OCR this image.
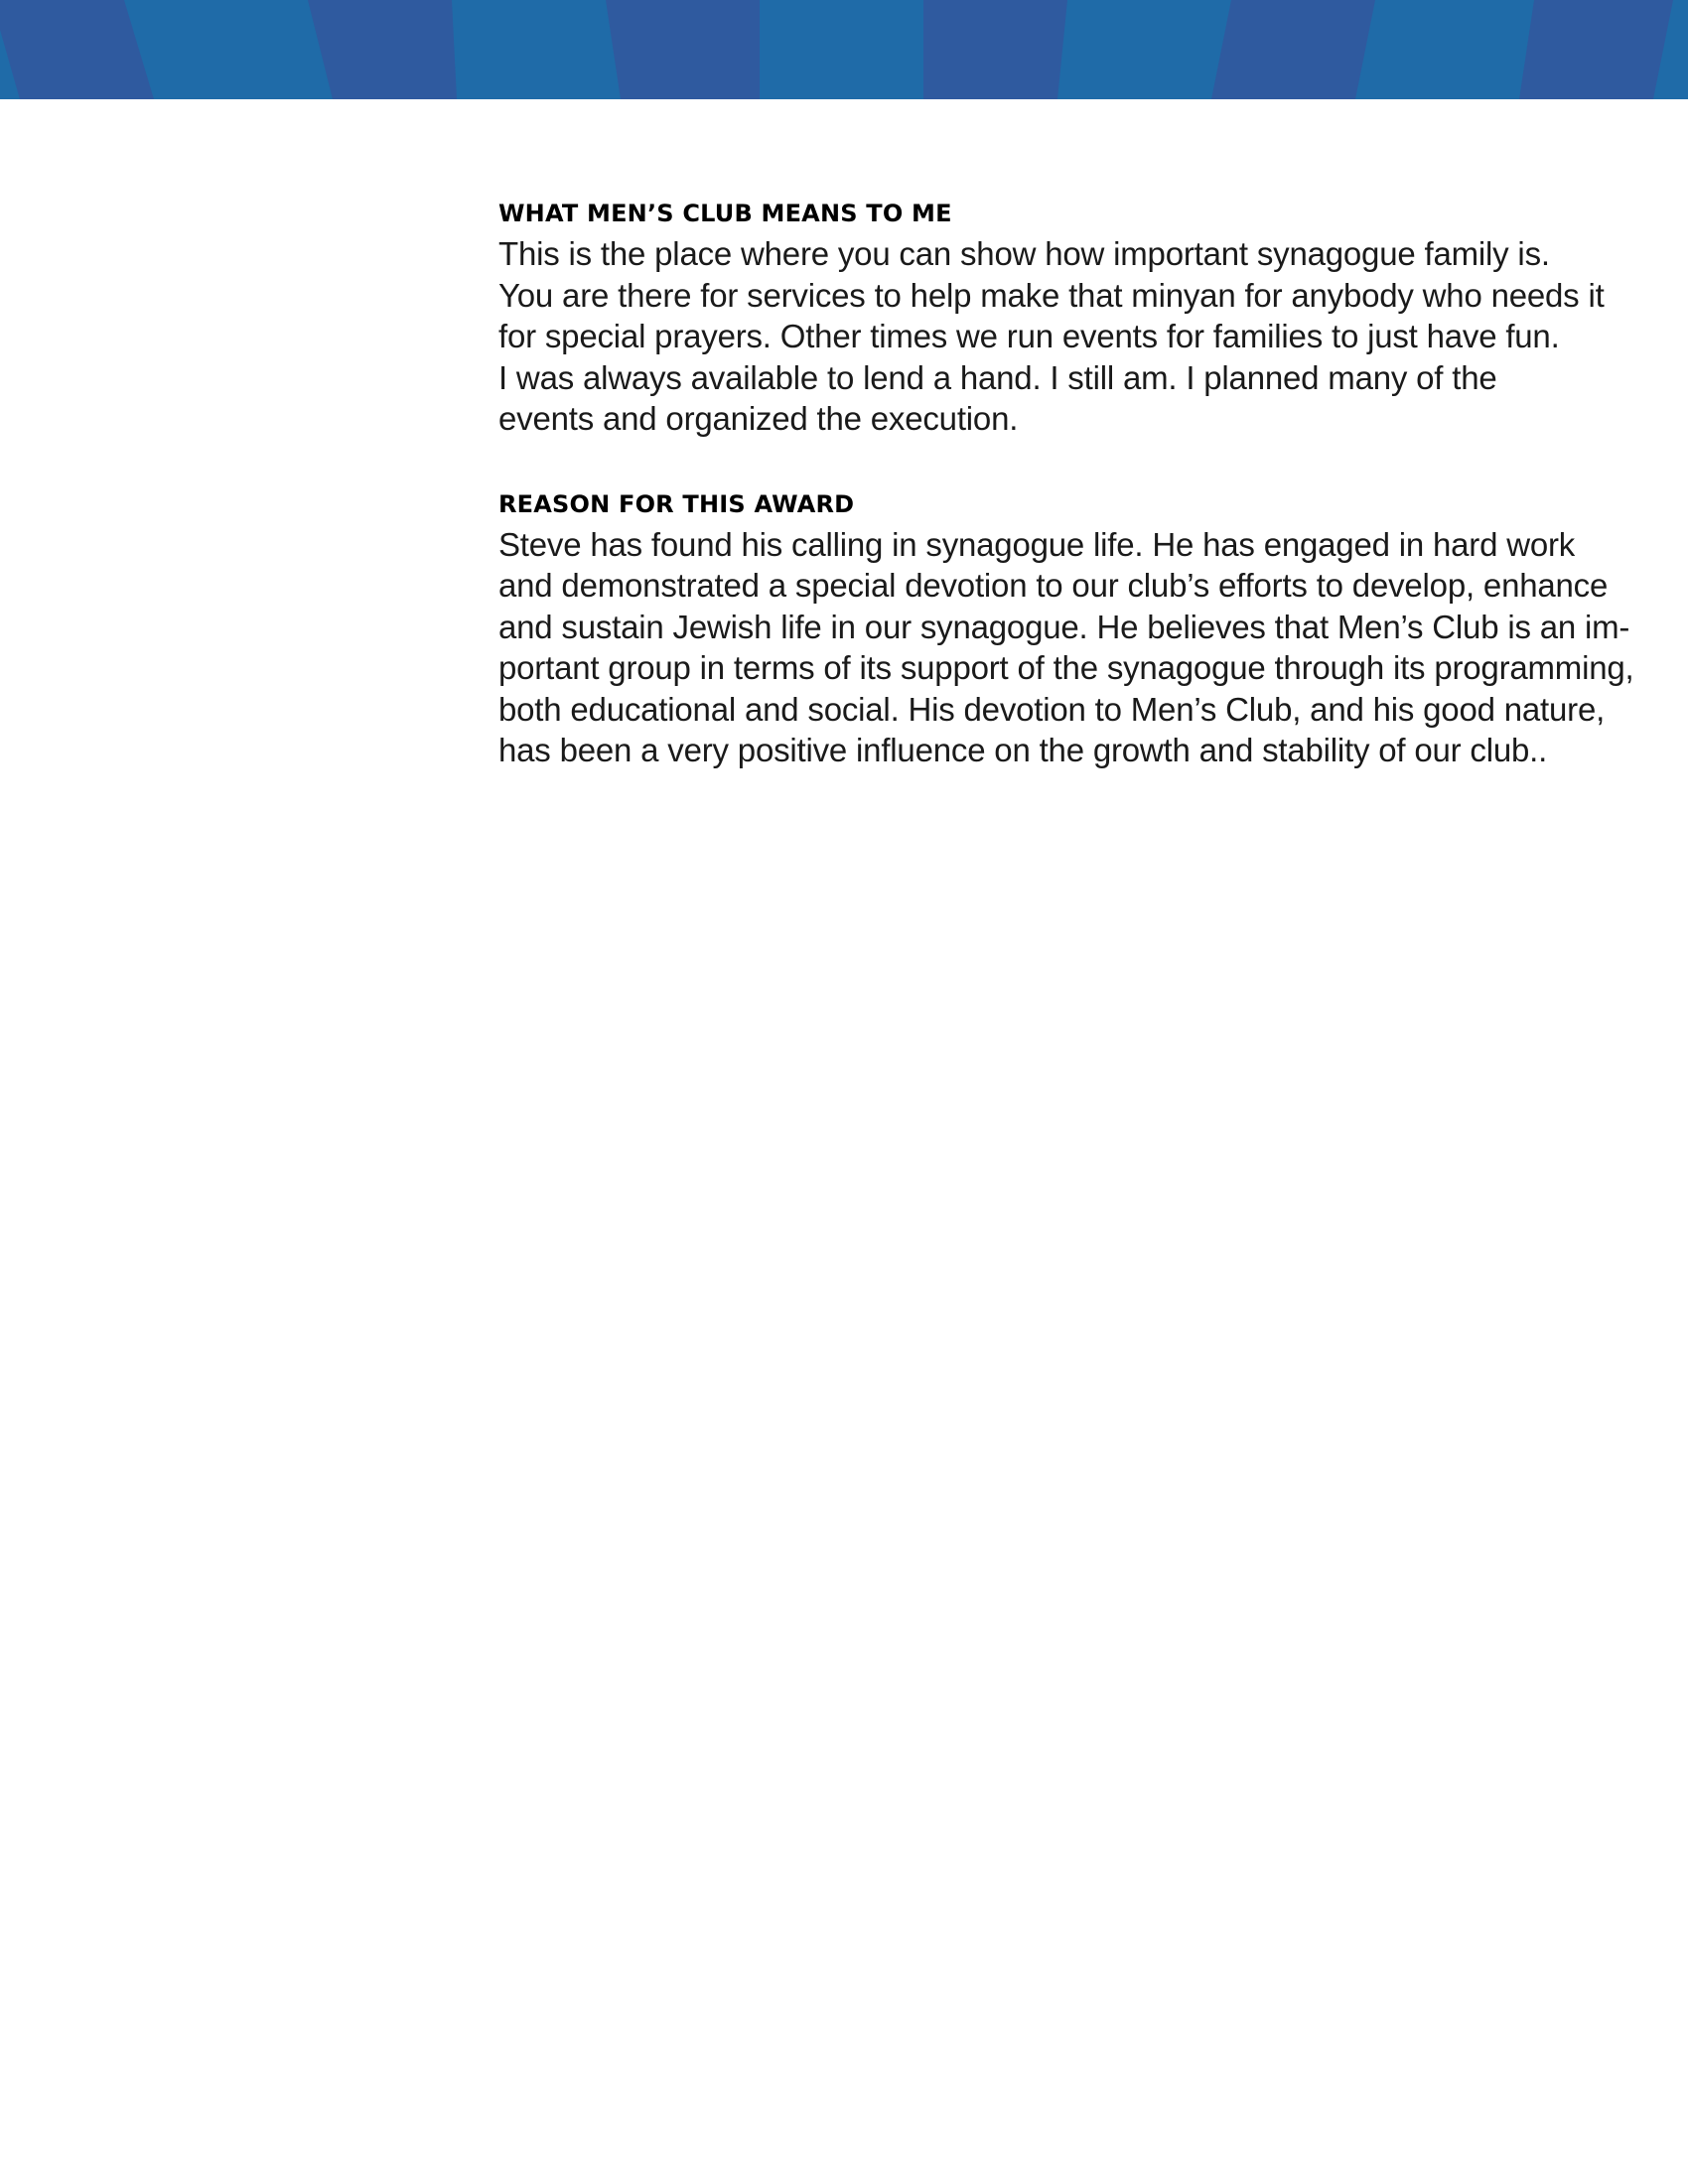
WHAT MEN’S CLUB MEANS TO ME
This is the place where you can show how important synagogue family is.
You are there for services to help make that minyan for anybody who needs it
for special prayers. Other times we run events for families to just have fun.
I was always available to lend a hand. I still am. I planned many of the
events and organized the execution.
REASON FOR THIS AWARD
Steve has found his calling in synagogue life. He has engaged in hard work
and demonstrated a special devotion to our club’s efforts to develop, enhance
and sustain Jewish life in our synagogue. He believes that Men’s Club is an im-
portant group in terms of its support of the synagogue through its programming,
both educational and social. His devotion to Men’s Club, and his good nature,
has been a very positive influence on the growth and stability of our club..
